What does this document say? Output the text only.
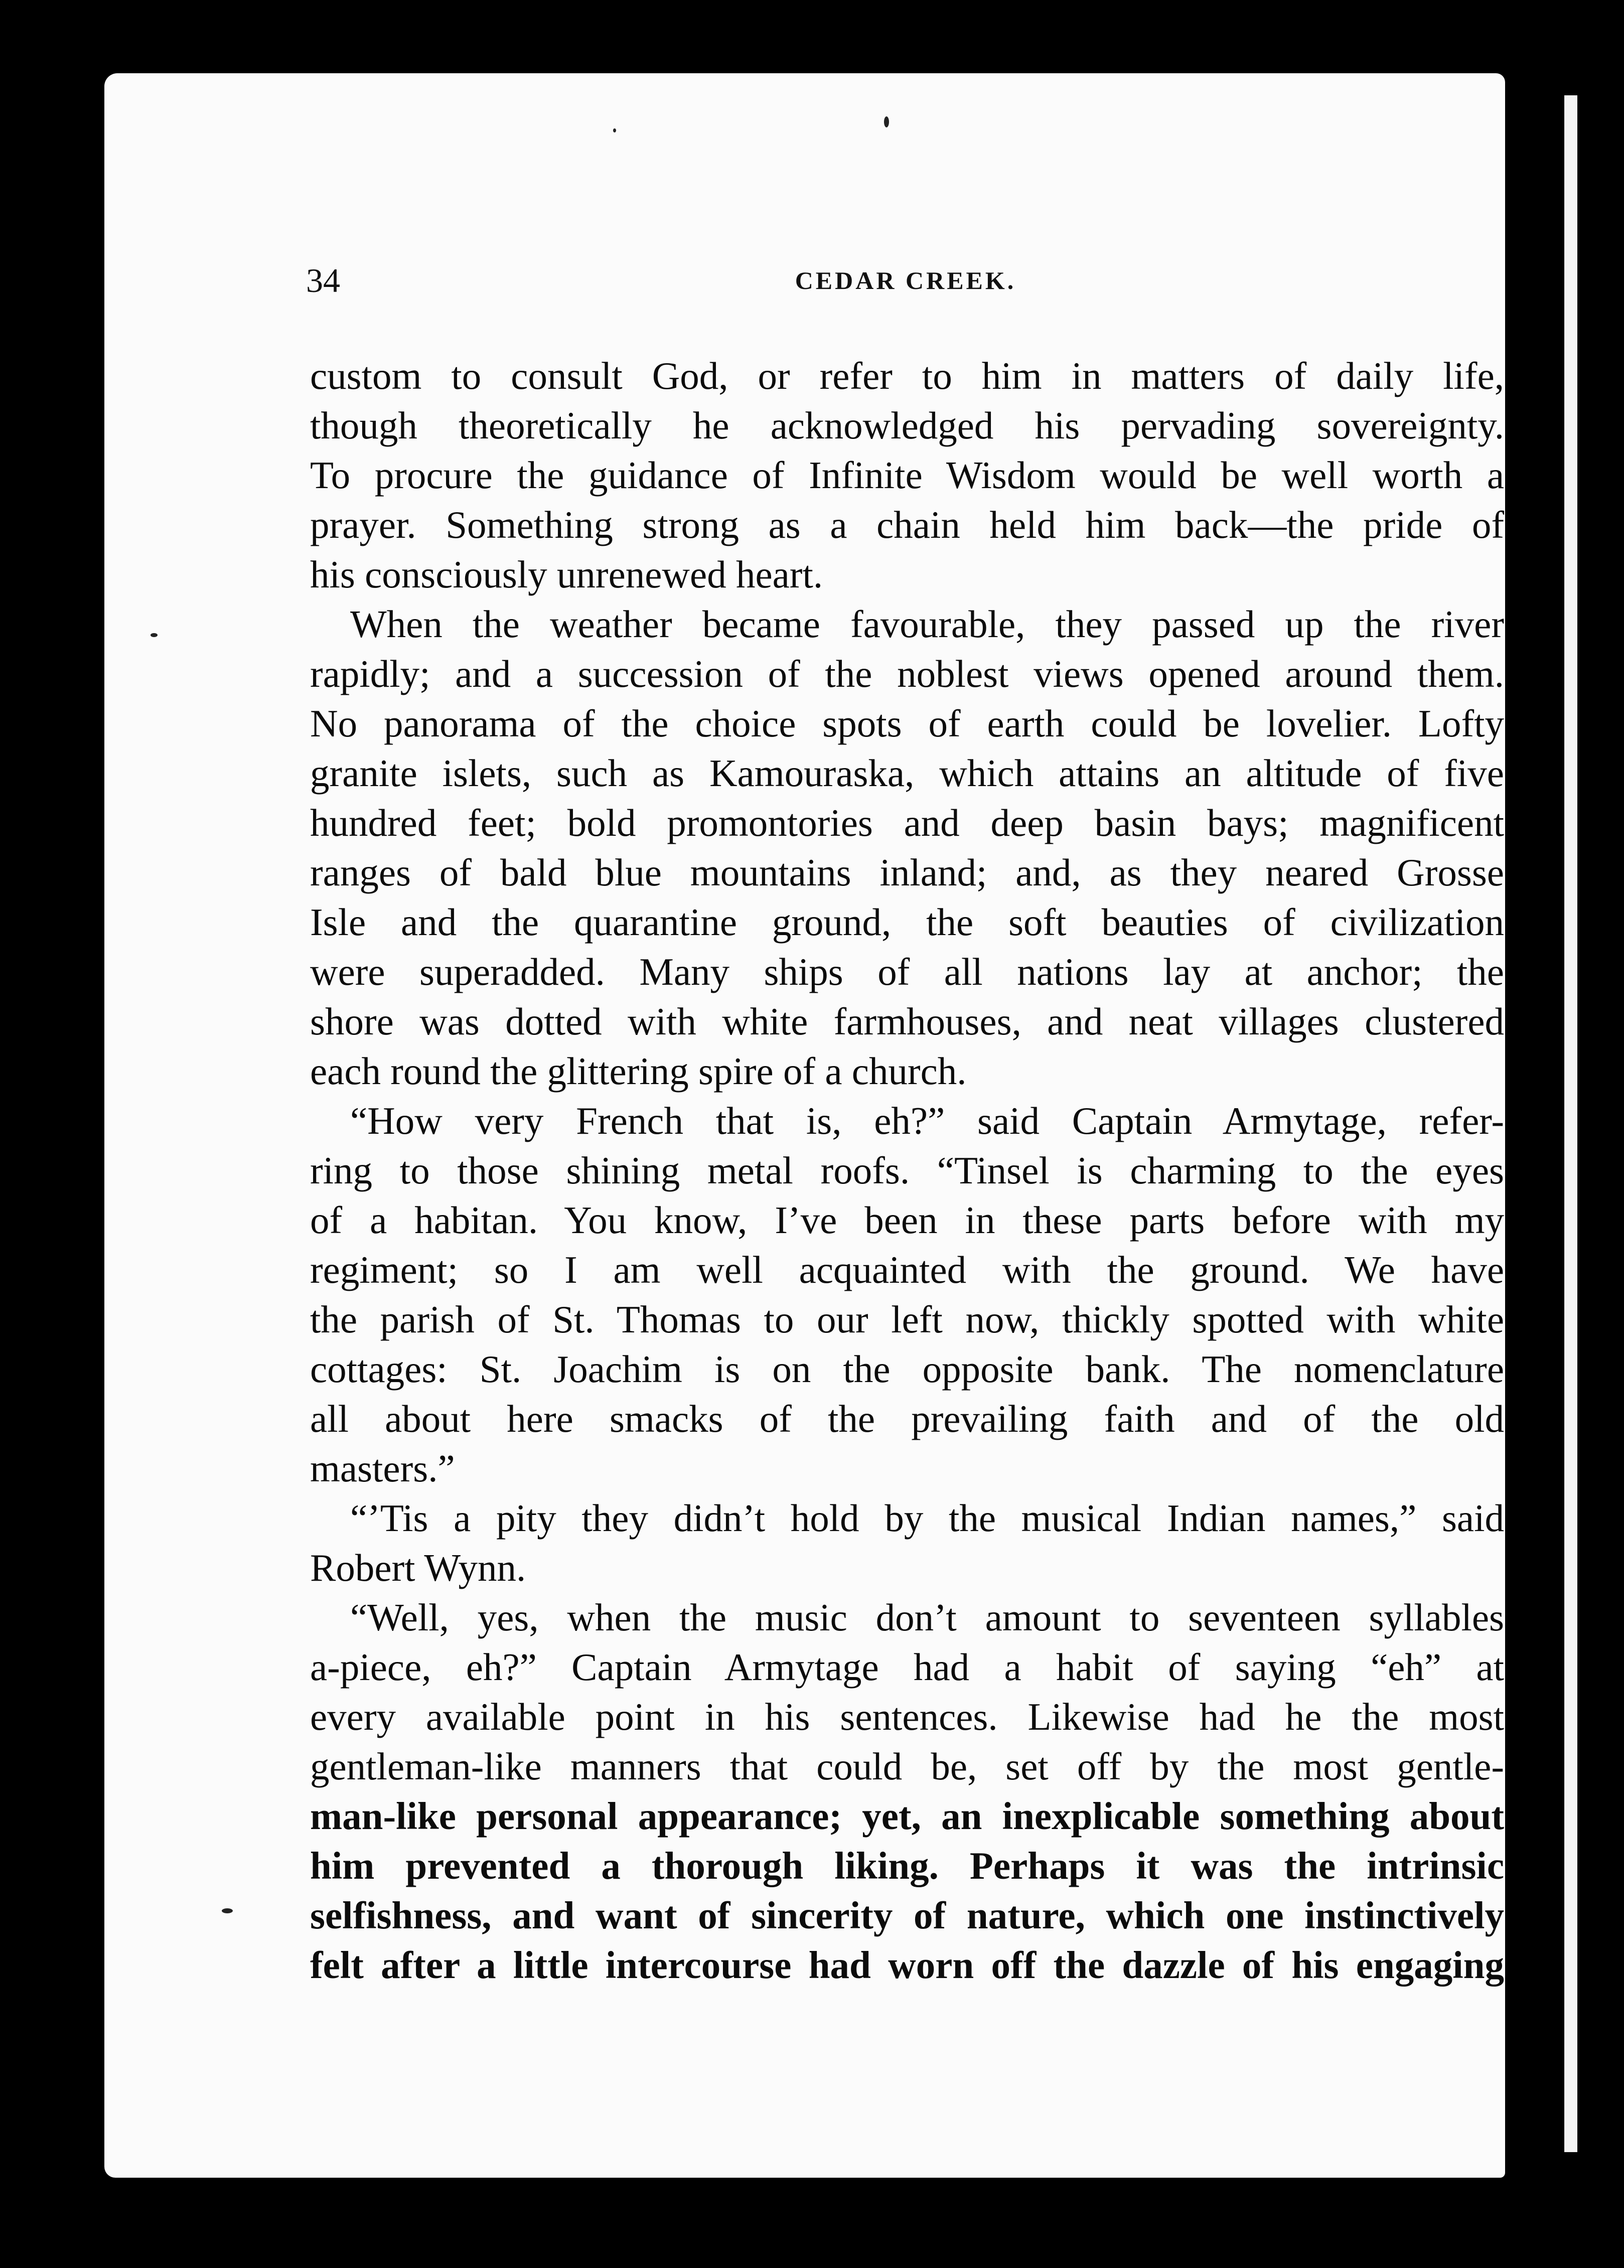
34	CEDAR CREEK.
custom to consult God, or refer to him in matters of daily life,
though theoretically he acknowledged his pervading sovereignty.
To procure the guidance of Infinite Wisdom would be well worth a
prayer. Something strong as a chain held him back—the pride of
his consciously unrenewed heart.
When the weather became favourable, they passed up the river
rapidly; and a succession of the noblest views opened around them.
No panorama of the choice spots of earth could be lovelier. Lofty
granite islets, such as Kamouraska, which attains an altitude of five
hundred feet; bold promontories and deep basin bays; magnificent
ranges of bald blue mountains inland; and, as they neared Grosse
Isle and the quarantine ground, the soft beauties of civilization
were superadded. Many ships of all nations lay at anchor; the
shore was dotted with white farmhouses, and neat villages clustered
each round the glittering spire of a church.
“How very French that is, eh?” said Captain Armytage, refer-
ring to those shining metal roofs. “Tinsel is charming to the eyes
of a habitan. You know, I’ve been in these parts before with my
regiment; so I am well acquainted with the ground. We have
the parish of St. Thomas to our left now, thickly spotted with white
cottages: St. Joachim is on the opposite bank. The nomenclature
all about here smacks of the prevailing faith and of the old
masters.”
“’Tis a pity they didn’t hold by the musical Indian names,” said
Robert Wynn.
“Well, yes, when the music don’t amount to seventeen syllables
a-piece, eh?” Captain Armytage had a habit of saying “eh” at
every available point in his sentences. Likewise had he the most
gentleman-like manners that could be, set off by the most gentle-
man-like personal appearance; yet, an inexplicable something about
him prevented a thorough liking. Perhaps it was the intrinsic
selfishness, and want of sincerity of nature, which one instinctively
felt after a little intercourse had worn off the dazzle of his engaging
